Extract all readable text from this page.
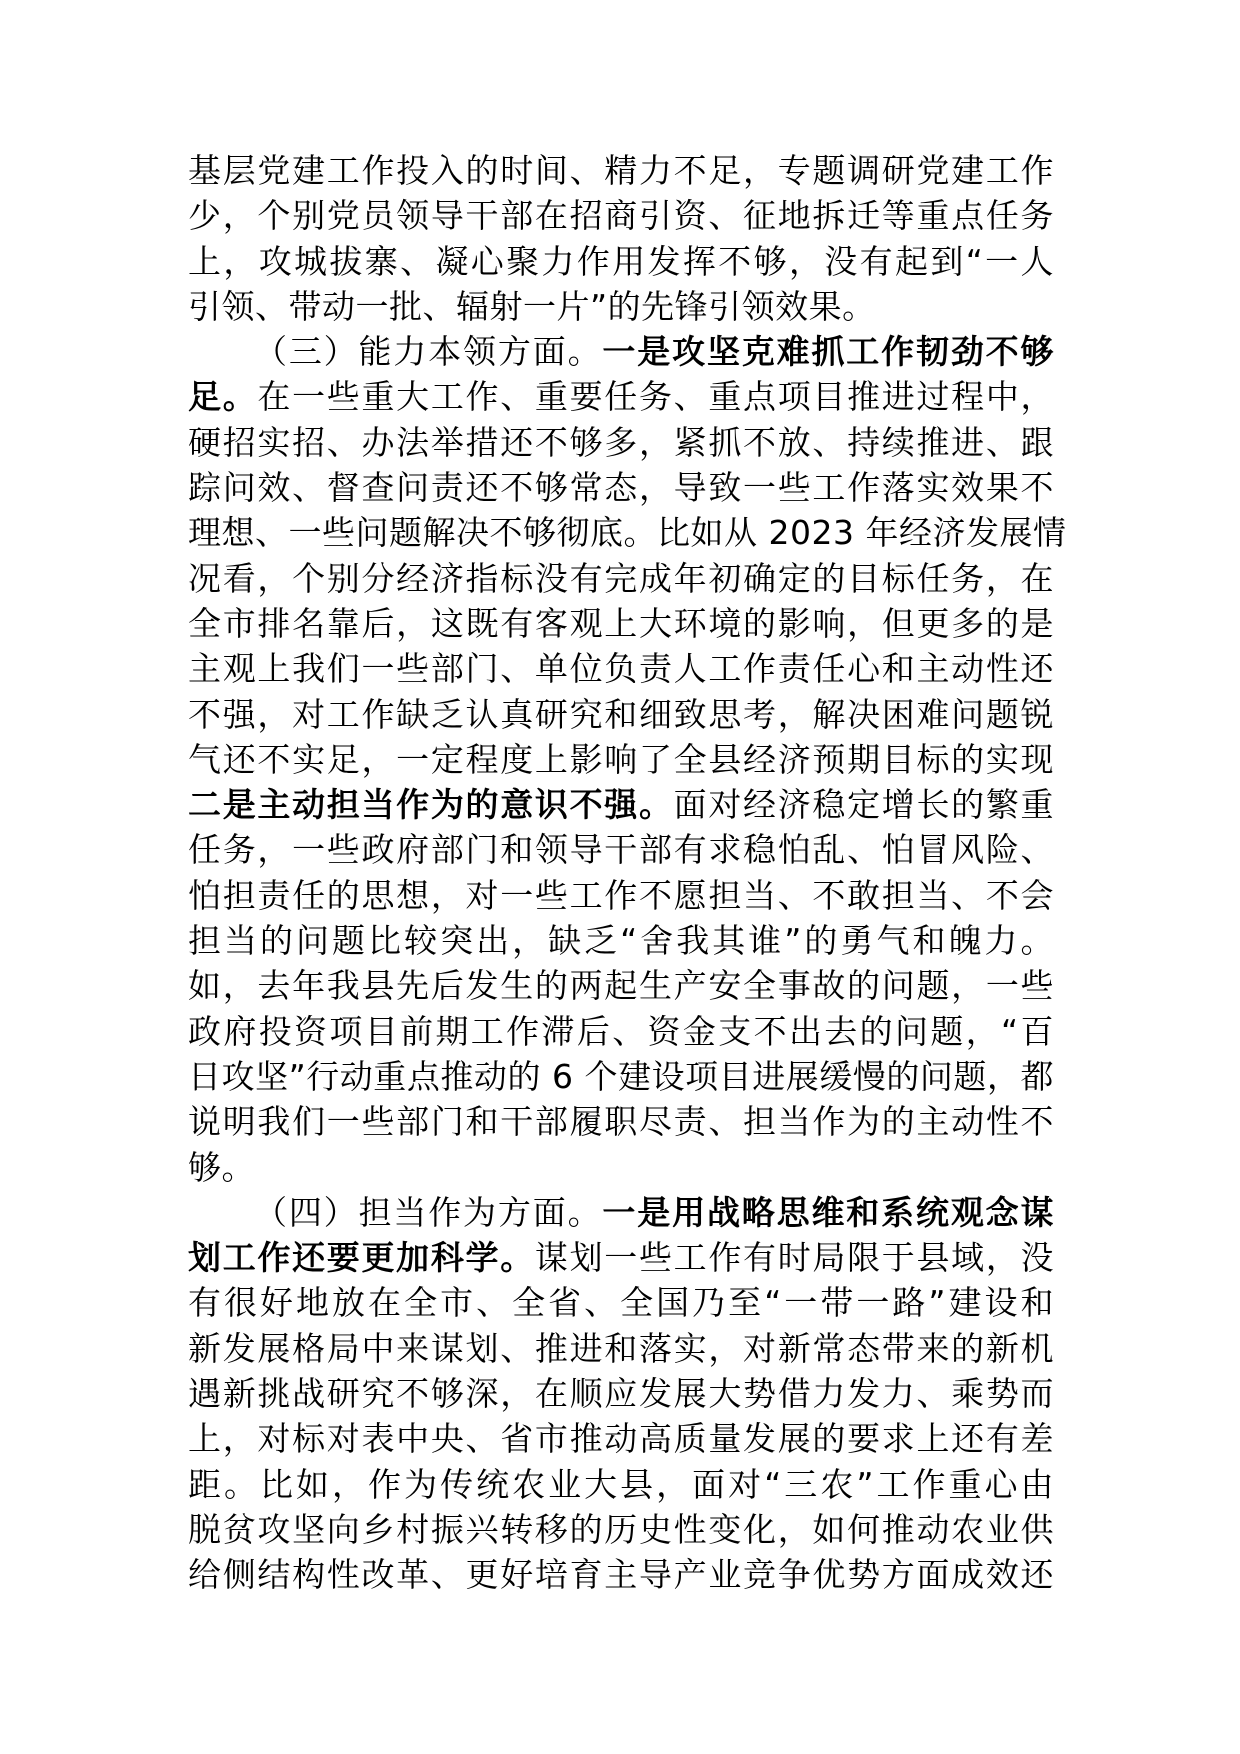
基层党建工作投入的时间、精力不足，专题调研党建工作
少，个别党员领导干部在招商引资、征地拆迁等重点任务
上，攻城拔寨、凝心聚力作用发挥不够，没有起到“一人
引领、带动一批、辐射一片”的先锋引领效果。
（三）能力本领方面。一是攻坚克难抓工作韧劲不够
足。在一些重大工作、重要任务、重点项目推进过程中，
硬招实招、办法举措还不够多，紧抓不放、持续推进、跟
踪问效、督查问责还不够常态，导致一些工作落实效果不
理想、一些问题解决不够彻底。比如从 2023 年经济发展情
况看，个别分经济指标没有完成年初确定的目标任务，在
全市排名靠后，这既有客观上大环境的影响，但更多的是
主观上我们一些部门、单位负责人工作责任心和主动性还
不强，对工作缺乏认真研究和细致思考，解决困难问题锐
气还不实足，一定程度上影响了全县经济预期目标的实现
二是主动担当作为的意识不强。面对经济稳定增长的繁重
任务，一些政府部门和领导干部有求稳怕乱、怕冒风险、
怕担责任的思想，对一些工作不愿担当、不敢担当、不会
担当的问题比较突出，缺乏“舍我其谁”的勇气和魄力。
如，去年我县先后发生的两起生产安全事故的问题，一些
政府投资项目前期工作滞后、资金支不出去的问题，“百
日攻坚”行动重点推动的 6 个建设项目进展缓慢的问题，都
说明我们一些部门和干部履职尽责、担当作为的主动性不
够。
（四）担当作为方面。一是用战略思维和系统观念谋
划工作还要更加科学。谋划一些工作有时局限于县域，没
有很好地放在全市、全省、全国乃至“一带一路”建设和
新发展格局中来谋划、推进和落实，对新常态带来的新机
遇新挑战研究不够深，在顺应发展大势借力发力、乘势而
上，对标对表中央、省市推动高质量发展的要求上还有差
距。比如，作为传统农业大县，面对“三农”工作重心由
脱贫攻坚向乡村振兴转移的历史性变化，如何推动农业供
给侧结构性改革、更好培育主导产业竞争优势方面成效还
